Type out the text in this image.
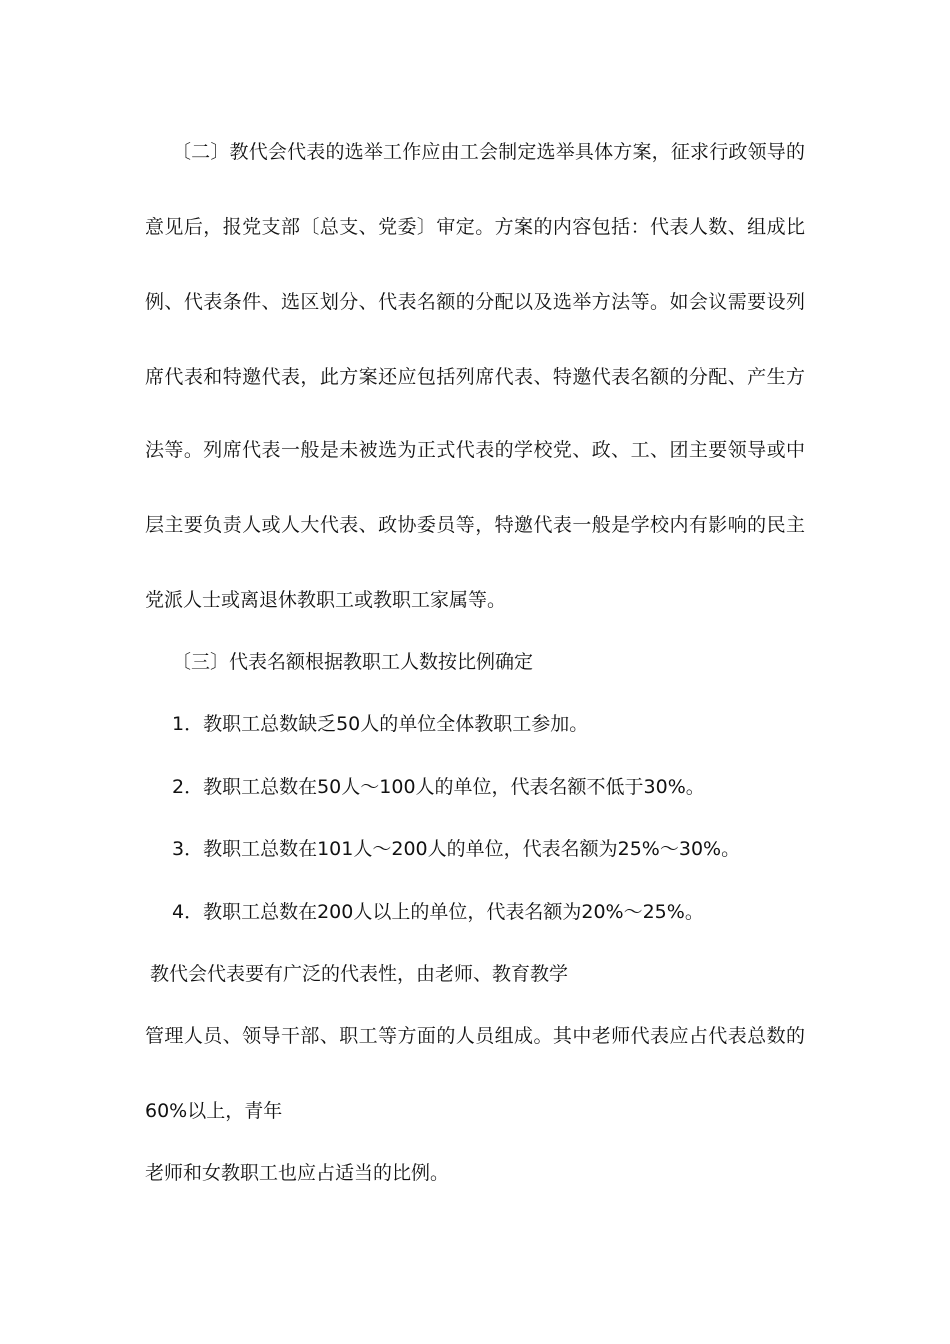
〔二〕教代会代表的选举工作应由工会制定选举具体方案，征求行政领导的
意见后，报党支部〔总支、党委〕审定。方案的内容包括：代表人数、组成比
例、代表条件、选区划分、代表名额的分配以及选举方法等。如会议需要设列
席代表和特邀代表，此方案还应包括列席代表、特邀代表名额的分配、产生方
法等。列席代表一般是未被选为正式代表的学校党、政、工、团主要领导或中
层主要负责人或人大代表、政协委员等，特邀代表一般是学校内有影响的民主
党派人士或离退休教职工或教职工家属等。
〔三〕代表名额根据教职工人数按比例确定
1．教职工总数缺乏50人的单位全体教职工参加。
2．教职工总数在50人～100人的单位，代表名额不低于30%。
3．教职工总数在101人～200人的单位，代表名额为25%～30%。
4．教职工总数在200人以上的单位，代表名额为20%～25%。
教代会代表要有广泛的代表性，由老师、教育教学
管理人员、领导干部、职工等方面的人员组成。其中老师代表应占代表总数的
60%以上，青年
老师和女教职工也应占适当的比例。
